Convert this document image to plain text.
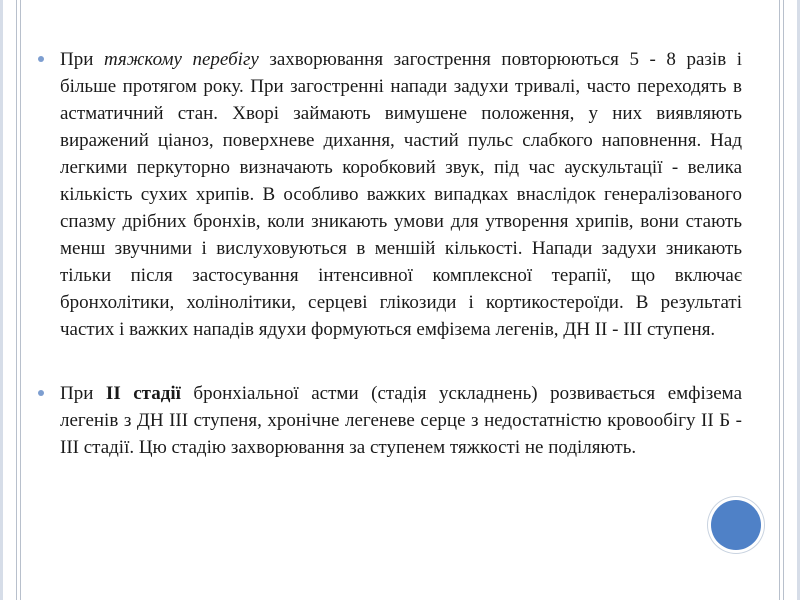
При тяжкому перебігу захворювання загострення повторюються 5 - 8 разів і більше протягом року. При загостренні напади задухи тривалі, часто переходять в астматичний стан. Хворі займають вимушене положення, у них виявляють виражений ціаноз, поверхневе дихання, частий пульс слабкого наповнення. Над легкими перкуторно визначають коробковий звук, під час аускультації - велика кількість сухих хрипів. В особливо важких випадках внаслідок генералізованого спазму дрібних бронхів, коли зникають умови для утворення хрипів, вони стають менш звучними і вислуховуються в меншій кількості. Напади задухи зникають тільки після застосування інтенсивної комплексної терапії, що включає бронхолітики, холінолітики, серцеві глікозиди і кортикостероїди. В результаті частих і важких нападів ядухи формуються емфізема легенів, ДН ІІ - ІІІ ступеня.
При ІІ стадії бронхіальної астми (стадія ускладнень) розвивається емфізема легенів з ДН ІІІ ступеня, хронічне легеневе серце з недостатністю кровообігу ІІ Б - ІІІ стадії. Цю стадію захворювання за ступенем тяжкості не поділяють.
